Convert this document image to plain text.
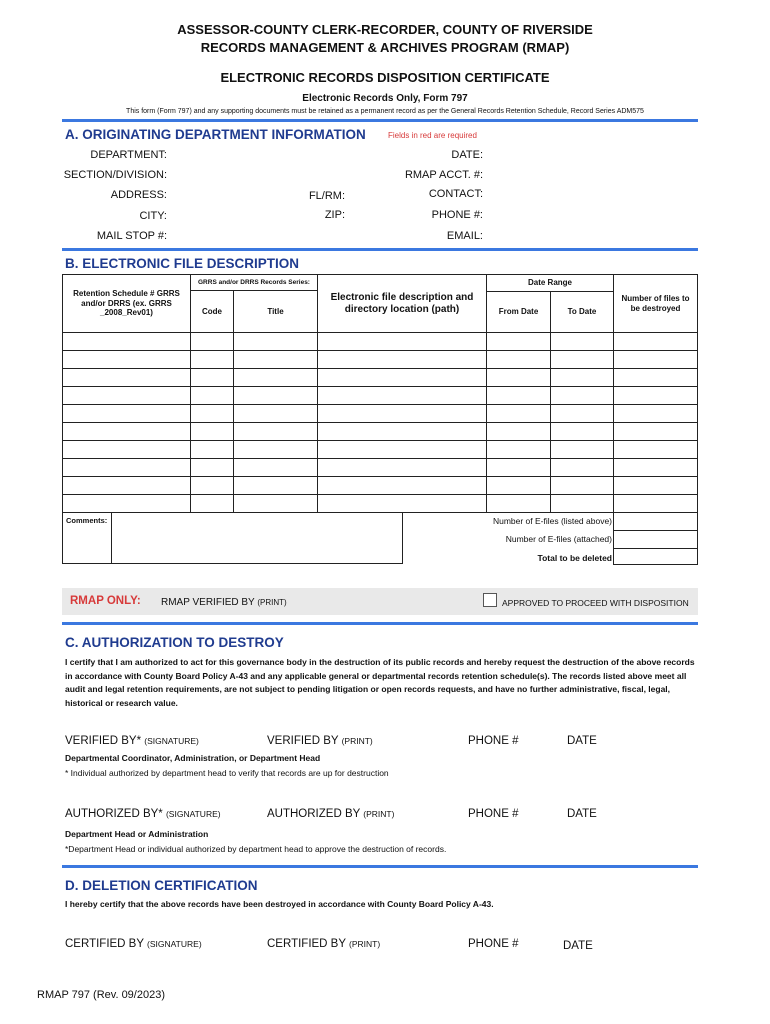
ASSESSOR-COUNTY CLERK-RECORDER, COUNTY OF RIVERSIDE
RECORDS MANAGEMENT & ARCHIVES PROGRAM (RMAP)
ELECTRONIC RECORDS DISPOSITION CERTIFICATE
Electronic Records Only, Form 797
This form (Form 797) and any supporting documents must be retained as a permanent record as per the General Records Retention Schedule, Record Series ADM575
A. ORIGINATING DEPARTMENT INFORMATION	Fields in red are required
DEPARTMENT:	DATE:
SECTION/DIVISION:	RMAP ACCT. #:
ADDRESS:	FL/RM:	CONTACT:
CITY:	ZIP:	PHONE #:
MAIL STOP #:	EMAIL:
B. ELECTRONIC FILE DESCRIPTION
Retention Schedule # GRRS and/or DRRS (ex. GRRS _2008_Rev01)
GRRS and/or DRRS Records Series:
Code	Title
Electronic file description and directory location (path)
Date Range
From Date	To Date
Number of files to be destroyed
Comments:	Number of E-files (listed above)
Number of E-files (attached)
Total to be deleted
RMAP ONLY: RMAP VERIFIED BY (PRINT)	APPROVED TO PROCEED WITH DISPOSITION
C. AUTHORIZATION TO DESTROY
I certify that I am authorized to act for this governance body in the destruction of its public records and hereby request the destruction of the above records in accordance with County Board Policy A-43 and any applicable general or departmental records retention schedule(s). The records listed above meet all audit and legal retention requirements, are not subject to pending litigation or open records requests, and have no further administrative, fiscal, legal, historical or research value.
VERIFIED BY* (SIGNATURE)	VERIFIED BY (PRINT)	PHONE #	DATE
Departmental Coordinator, Administration, or Department Head
* Individual authorized by department head to verify that records are up for destruction
AUTHORIZED BY* (SIGNATURE)	AUTHORIZED BY (PRINT)	PHONE #	DATE
Department Head or Administration
*Department Head or individual authorized by department head to approve the destruction of records.
D. DELETION CERTIFICATION
I hereby certify that the above records have been destroyed in accordance with County Board Policy A-43.
CERTIFIED BY (SIGNATURE)	CERTIFIED BY (PRINT)	PHONE #	DATE
RMAP 797 (Rev. 09/2023)
